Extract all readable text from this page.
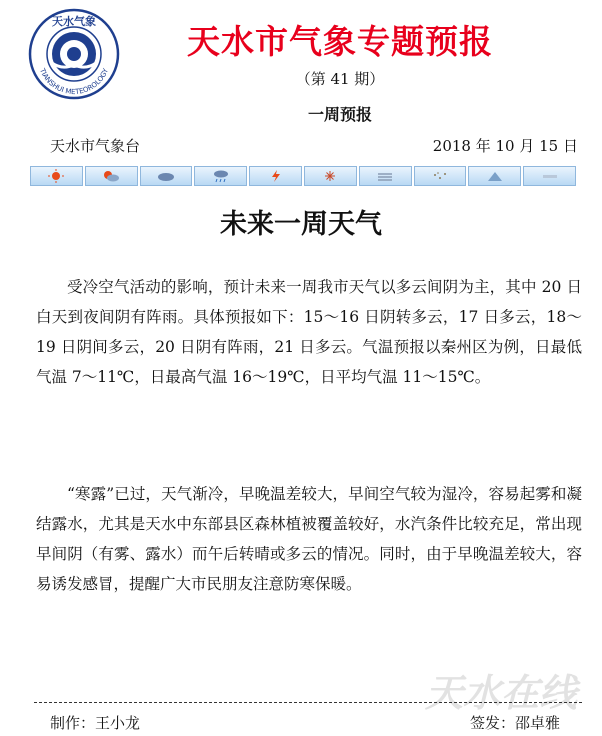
天水气象
TIANSHUI METEOROLOGY
天水市气象专题预报
（第 41 期）
一周预报
天水市气象台	2018 年 10 月 15 日
未来一周天气

受冷空气活动的影响，预计未来一周我市天气以多云间阴为主，其中 20 日白天到夜间阴有阵雨。具体预报如下：15～16 日阴转多云，17 日多云，18～19 日阴间多云，20 日阴有阵雨，21 日多云。气温预报以秦州区为例，日最低气温 7～11℃，日最高气温 16～19℃，日平均气温 11～15℃。

“寒露”已过，天气渐冷，早晚温差较大，早间空气较为湿冷，容易起雾和凝结露水，尤其是天水中东部县区森林植被覆盖较好，水汽条件比较充足，常出现早间阴（有雾、露水）而午后转晴或多云的情况。同时，由于早晚温差较大，容易诱发感冒，提醒广大市民朋友注意防寒保暖。

天水在线
制作：王小龙	签发：邵卓雅
